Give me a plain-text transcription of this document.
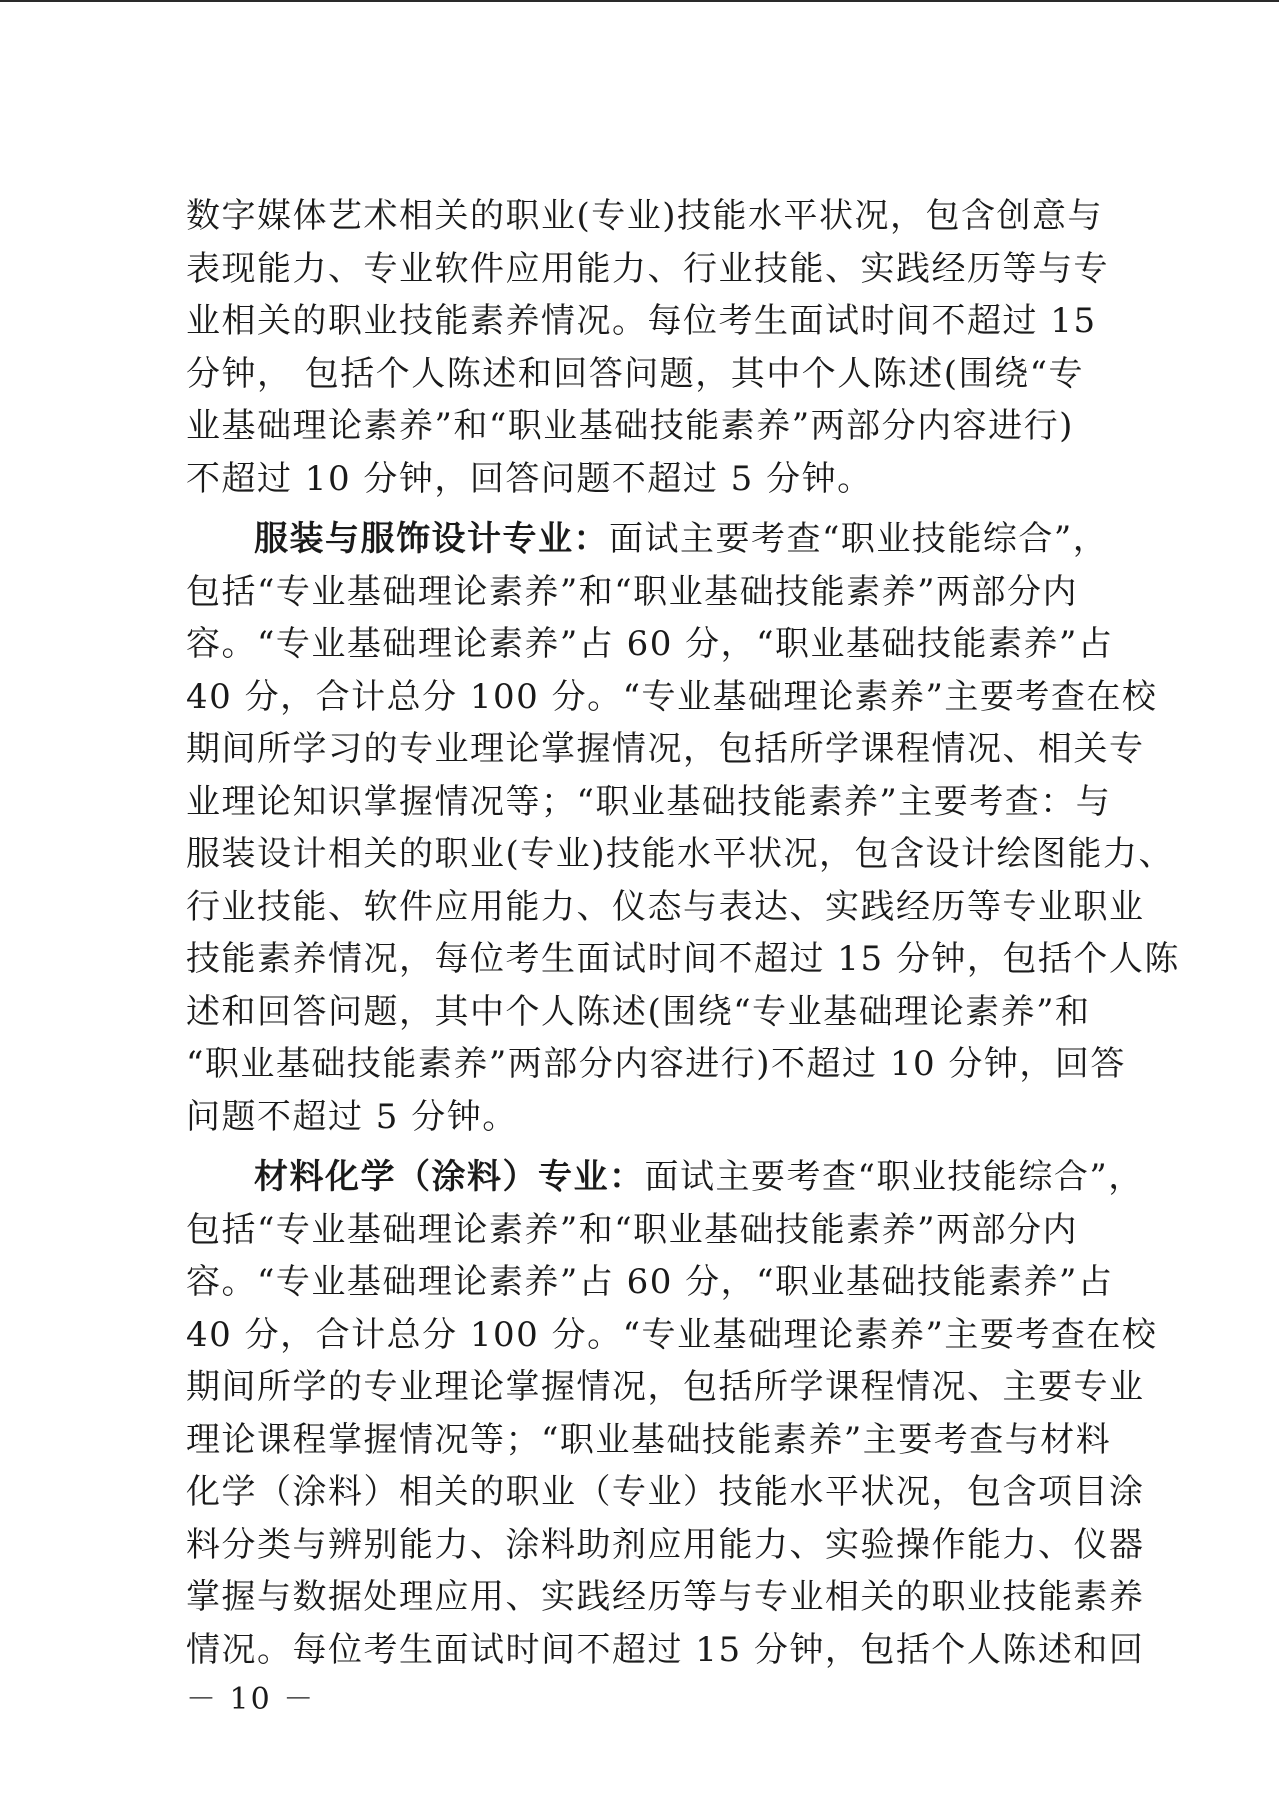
数字媒体艺术相关的职业(专业)技能水平状况，包含创意与
表现能力、专业软件应用能力、行业技能、实践经历等与专
业相关的职业技能素养情况。每位考生面试时间不超过 15
分钟， 包括个人陈述和回答问题，其中个人陈述(围绕“专
业基础理论素养”和“职业基础技能素养”两部分内容进行)
不超过 10 分钟，回答问题不超过 5 分钟。
服装与服饰设计专业：面试主要考查“职业技能综合”，
包括“专业基础理论素养”和“职业基础技能素养”两部分内
容。“专业基础理论素养”占 60 分，“职业基础技能素养”占
40 分，合计总分 100 分。“专业基础理论素养”主要考查在校
期间所学习的专业理论掌握情况，包括所学课程情况、相关专
业理论知识掌握情况等；“职业基础技能素养”主要考查：与
服装设计相关的职业(专业)技能水平状况，包含设计绘图能力、
行业技能、软件应用能力、仪态与表达、实践经历等专业职业
技能素养情况，每位考生面试时间不超过 15 分钟，包括个人陈
述和回答问题，其中个人陈述(围绕“专业基础理论素养”和
“职业基础技能素养”两部分内容进行)不超过 10 分钟，回答
问题不超过 5 分钟。
材料化学（涂料）专业：面试主要考查“职业技能综合”，
包括“专业基础理论素养”和“职业基础技能素养”两部分内
容。“专业基础理论素养”占 60 分，“职业基础技能素养”占
40 分，合计总分 100 分。“专业基础理论素养”主要考查在校
期间所学的专业理论掌握情况，包括所学课程情况、主要专业
理论课程掌握情况等；“职业基础技能素养”主要考查与材料
化学（涂料）相关的职业（专业）技能水平状况，包含项目涂
料分类与辨别能力、涂料助剂应用能力、实验操作能力、仪器
掌握与数据处理应用、实践经历等与专业相关的职业技能素养
情况。每位考生面试时间不超过 15 分钟，包括个人陈述和回
－ 10 －
